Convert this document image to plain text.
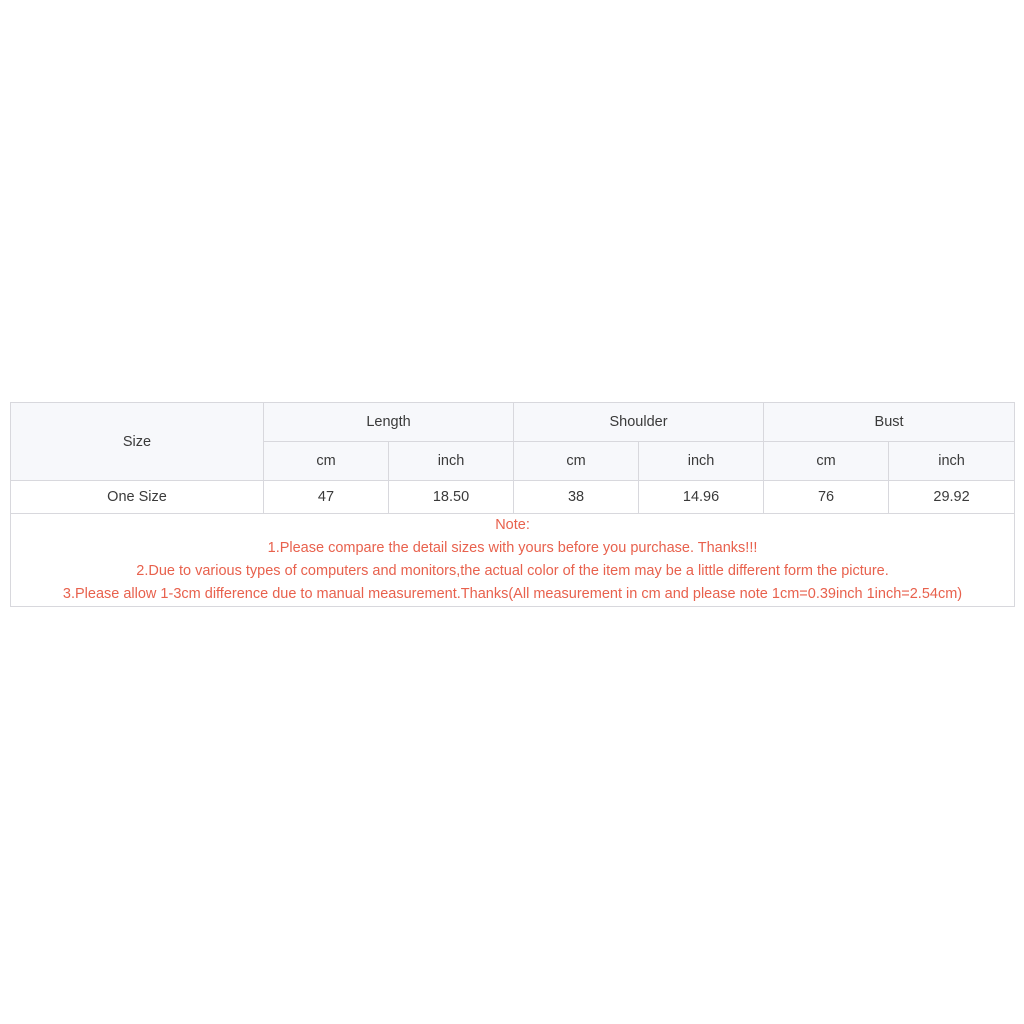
Size	Length		Shoulder		Bust	
	cm	inch	cm	inch	cm	inch
One Size	47	18.50	38	14.96	76	29.92

Note:
1.Please compare the detail sizes with yours before you purchase. Thanks!!!
2.Due to various types of computers and monitors,the actual color of the item may be a little different form the picture.
3.Please allow 1-3cm difference due to manual measurement.Thanks(All measurement in cm and please note 1cm=0.39inch 1inch=2.54cm)						
